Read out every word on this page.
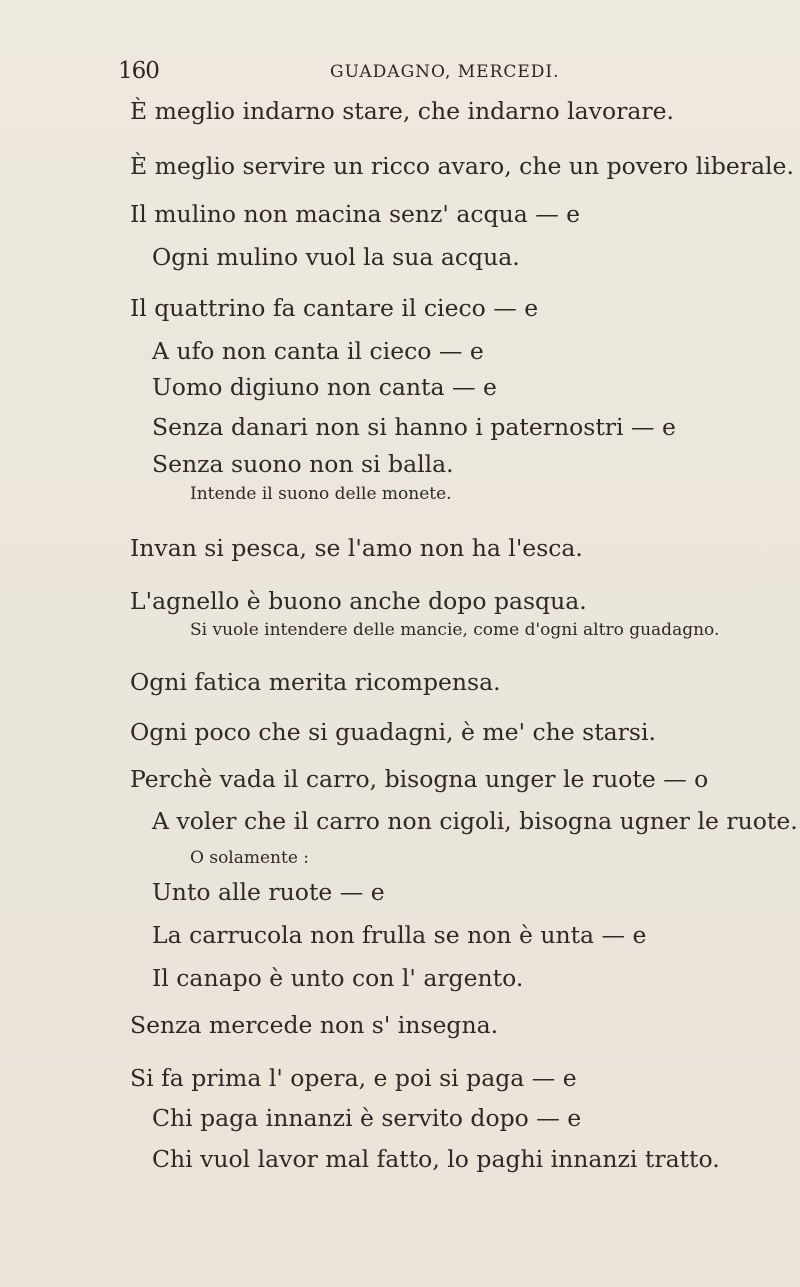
160	GUADAGNO, MERCEDI.
È meglio indarno stare, che indarno lavorare.
È meglio servire un ricco avaro, che un povero liberale.
Il mulino non macina senz' acqua — e
Ogni mulino vuol la sua acqua.
Il quattrino fa cantare il cieco — e
A ufo non canta il cieco — e
Uomo digiuno non canta — e
Senza danari non si hanno i paternostri — e
Senza suono non si balla.
Intende il suono delle monete.
Invan si pesca, se l'amo non ha l'esca.
L'agnello è buono anche dopo pasqua.
Si vuole intendere delle mancie, come d'ogni altro guadagno.
Ogni fatica merita ricompensa.
Ogni poco che si guadagni, è me' che starsi.
Perchè vada il carro, bisogna unger le ruote — o
A voler che il carro non cigoli, bisogna ugner le ruote.
O solamente :
Unto alle ruote — e
La carrucola non frulla se non è unta — e
Il canapo è unto con l' argento.
Senza mercede non s' insegna.
Si fa prima l' opera, e poi si paga — e
Chi paga innanzi è servito dopo — e
Chi vuol lavor mal fatto, lo paghi innanzi tratto.
